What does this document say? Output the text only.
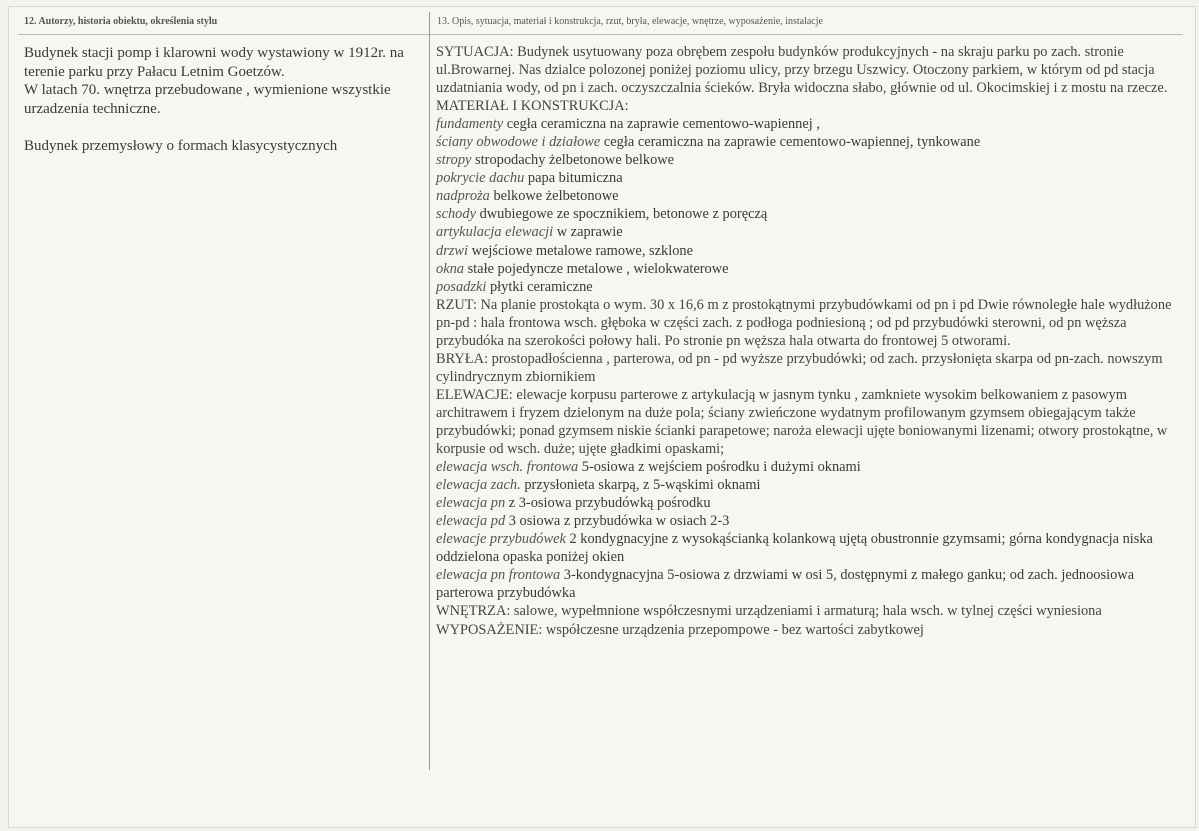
12. Autorzy, historia obiektu, określenia stylu	13. Opis, sytuacja, materiał i konstrukcja, rzut, bryła, elewacje, wnętrze, wyposażenie, instalacje

Budynek stacji pomp i klarowni wody wystawiony w 1912r. na terenie parku przy Pałacu Letnim Goetzów.

W latach 70. wnętrza przebudowane , wymienione wszystkie urzadzenia techniczne.

Budynek przemysłowy o formach klasycystycznych

SYTUACJA: Budynek usytuowany poza obrębem zespołu budynków produkcyjnych - na skraju parku po zach. stronie ul.Browarnej. Nas dzialce polozonej poniżej poziomu ulicy, przy brzegu Uszwicy. Otoczony parkiem, w którym od pd stacja uzdatniania wody, od pn i zach. oczyszczalnia ścieków. Bryła widoczna słabo, głównie od ul. Okocimskiej i z mostu na rzecze.
MATERIAŁ I KONSTRUKCJA:
fundamenty cegła ceramiczna na zaprawie cementowo-wapiennej ,
ściany obwodowe i działowe cegła ceramiczna na zaprawie cementowo-wapiennej, tynkowane
stropy stropodachy żelbetonowe belkowe
pokrycie dachu papa bitumiczna
nadproża belkowe żelbetonowe
schody dwubiegowe ze spocznikiem, betonowe z poręczą
artykulacja elewacji w zaprawie
drzwi wejściowe metalowe ramowe, szklone
okna stałe pojedyncze metalowe , wielokwaterowe
posadzki płytki ceramiczne
RZUT: Na planie prostokąta o wym. 30 x 16,6 m z prostokątnymi przybudówkami od pn i pd Dwie równoległe hale wydłużone pn-pd : hala frontowa wsch. głęboka w części zach. z podłoga podniesioną ; od pd przybudówki sterowni, od pn węższa przybudóka na szerokości połowy hali. Po stronie pn węższa hala otwarta do frontowej 5 otworami.
BRYŁA: prostopadłościenna , parterowa, od pn - pd wyższe przybudówki; od zach. przysłonięta skarpa od pn-zach. nowszym cylindrycznym zbiornikiem
ELEWACJE: elewacje korpusu parterowe z artykulacją w jasnym tynku , zamkniete wysokim belkowaniem z pasowym architrawem i fryzem dzielonym na duże pola; ściany zwieńczone wydatnym profilowanym gzymsem obiegającym także przybudówki; ponad gzymsem niskie ścianki parapetowe; naroża elewacji ujęte boniowanymi lizenami; otwory prostokątne, w korpusie od wsch. duże; ujęte gładkimi opaskami;
elewacja wsch. frontowa 5-osiowa z wejściem pośrodku i dużymi oknami
elewacja zach. przysłonieta skarpą, z 5-wąskimi oknami
elewacja pn z 3-osiowa przybudówką pośrodku
elewacja pd 3 osiowa z przybudówka w osiach 2-3
elewacje przybudówek 2 kondygnacyjne z wysokąścianką kolankową ujętą obustronnie gzymsami; górna kondygnacja niska oddzielona opaska poniżej okien
elewacja pn frontowa 3-kondygnacyjna 5-osiowa z drzwiami w osi 5, dostępnymi z małego ganku; od zach. jednoosiowa parterowa przybudówka
WNĘTRZA: salowe, wypełmnione współczesnymi urządzeniami i armaturą; hala wsch. w tylnej części wyniesiona
WYPOSAŻENIE: współczesne urządzenia przepompowe - bez wartości zabytkowej
